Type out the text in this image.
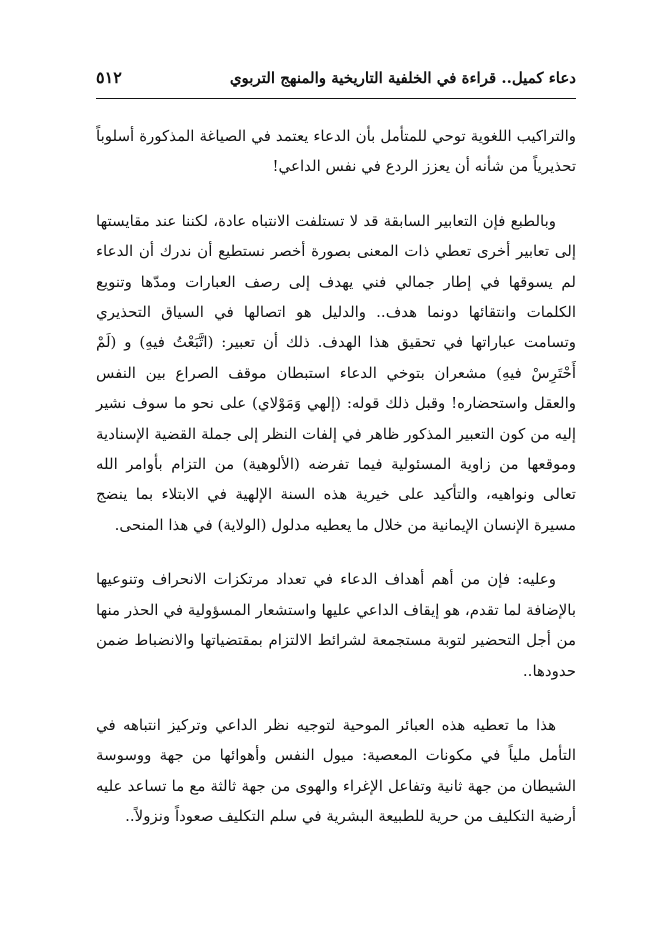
دعاء كميل.. قراءة في الخلفية التاريخية والمنهج التربوي
٥١٢

والتراكيب اللغوية توحي للمتأمل بأن الدعاء يعتمد في الصياغة المذكورة أسلوباً تحذيرياً من شأنه أن يعزز الردع في نفس الداعي!

وبالطبع فإن التعابير السابقة قد لا تستلفت الانتباه عادة، لكننا عند مقايستها إلى تعابير أخرى تعطي ذات المعنى بصورة أخصر نستطيع أن ندرك أن الدعاء لم يسوقها في إطار جمالي فني يهدف إلى رصف العبارات ومدّها وتنويع الكلمات وانتقائها دونما هدف.. والدليل هو اتصالها في السياق التحذيري وتسامت عباراتها في تحقيق هذا الهدف. ذلك أن تعبير: (اتَّبَعْتُ فيهِ) و (لَمْ أَحْتَرِسْ فيهِ) مشعران بتوخي الدعاء استبطان موقف الصراع بين النفس والعقل واستحضاره! وقبل ذلك قوله: (إلهي وَمَوْلاي) على نحو ما سوف نشير إليه من كون التعبير المذكور ظاهر في إلفات النظر إلى جملة القضية الإسنادية وموقعها من زاوية المسئولية فيما تفرضه (الألوهية) من التزام بأوامر الله تعالى ونواهيه، والتأكيد على خيرية هذه السنة الإلهية في الابتلاء بما ينضج مسيرة الإنسان الإيمانية من خلال ما يعطيه مدلول (الولاية) في هذا المنحى.

وعليه: فإن من أهم أهداف الدعاء في تعداد مرتكزات الانحراف وتنوعيها بالإضافة لما تقدم، هو إيقاف الداعي عليها واستشعار المسؤولية في الحذر منها من أجل التحضير لتوبة مستجمعة لشرائط الالتزام بمقتضياتها والانضباط ضمن حدودها..

هذا ما تعطيه هذه العبائر الموحية لتوجيه نظر الداعي وتركيز انتباهه في التأمل ملياً في مكونات المعصية: ميول النفس وأهوائها من جهة ووسوسة الشيطان من جهة ثانية وتفاعل الإغراء والهوى من جهة ثالثة مع ما تساعد عليه أرضية التكليف من حرية للطبيعة البشرية في سلم التكليف صعوداً ونزولاً..
